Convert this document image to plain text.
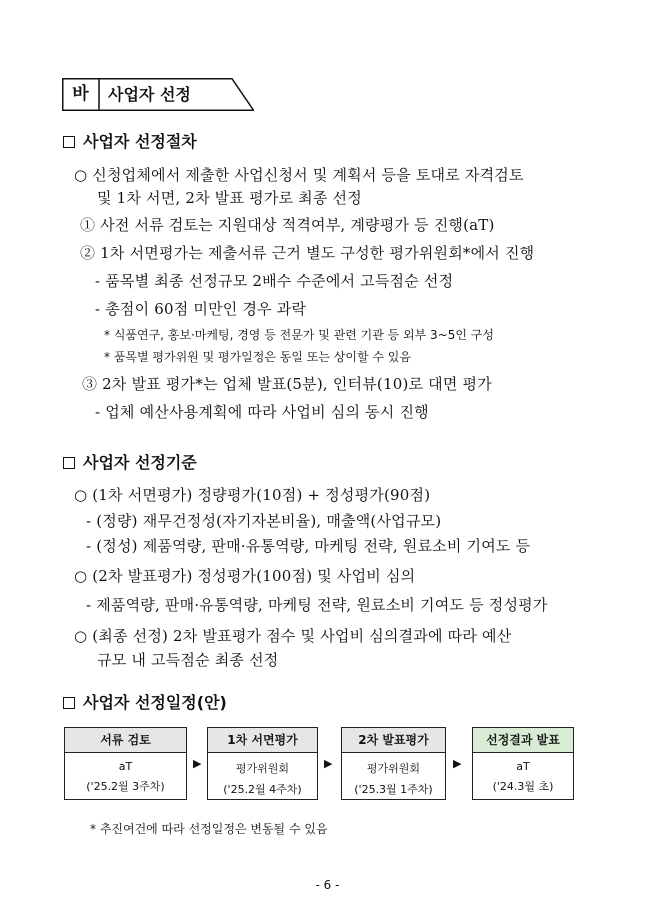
바	사업자 선정
사업자 선정절차
○ 신청업체에서 제출한 사업신청서 및 계획서 등을 토대로 자격검토
및 1차 서면, 2차 발표 평가로 최종 선정
① 사전 서류 검토는 지원대상 적격여부, 계량평가 등 진행(aT)
② 1차 서면평가는 제출서류 근거 별도 구성한 평가위원회*에서 진행
- 품목별 최종 선정규모 2배수 수준에서 고득점순 선정
- 총점이 60점 미만인 경우 과락
* 식품연구, 홍보·마케팅, 경영 등 전문가 및 관련 기관 등 외부 3~5인 구성
* 품목별 평가위원 및 평가일정은 동일 또는 상이할 수 있음
③ 2차 발표 평가*는 업체 발표(5분), 인터뷰(10)로 대면 평가
- 업체 예산사용계획에 따라 사업비 심의 동시 진행
사업자 선정기준
○ (1차 서면평가) 정량평가(10점) + 정성평가(90점)
- (정량) 재무건정성(자기자본비율), 매출액(사업규모)
- (정성) 제품역량, 판매·유통역량, 마케팅 전략, 원료소비 기여도 등
○ (2차 발표평가) 정성평가(100점) 및 사업비 심의
- 제품역량, 판매·유통역량, 마케팅 전략, 원료소비 기여도 등 정성평가
○ (최종 선정) 2차 발표평가 점수 및 사업비 심의결과에 따라 예산
규모 내 고득점순 최종 선정
사업자 선정일정(안)
서류 검토
aT
('25.2월 3주차)
▶
1차 서면평가
평가위원회
('25.2월 4주차)
▶
2차 발표평가
평가위원회
('25.3월 1주차)
▶
선정결과 발표
aT
('24.3월 초)
* 추진여건에 따라 선정일정은 변동될 수 있음
- 6 -
